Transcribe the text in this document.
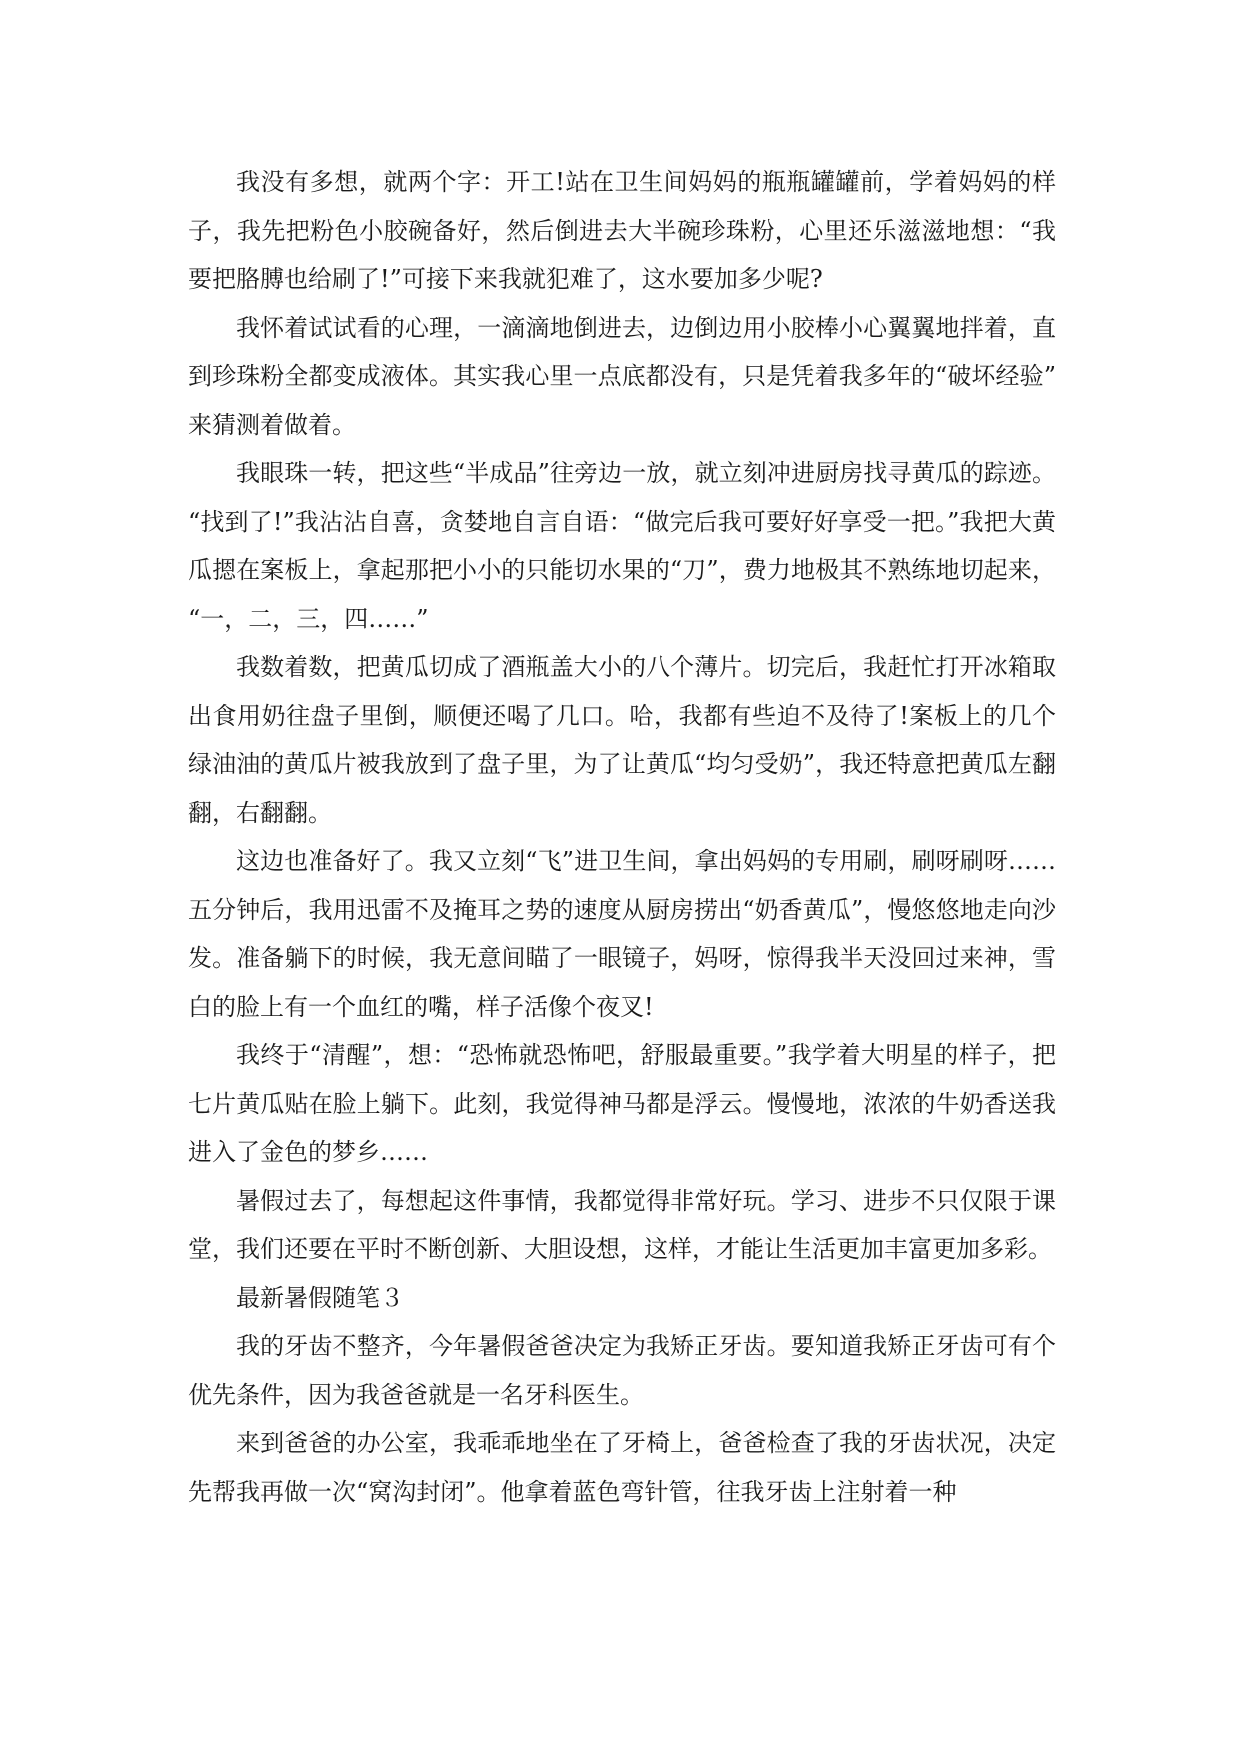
我没有多想，就两个字：开工!站在卫生间妈妈的瓶瓶罐罐前，学着妈妈的样子，我先把粉色小胶碗备好，然后倒进去大半碗珍珠粉，心里还乐滋滋地想：“我要把胳膊也给刷了!”可接下来我就犯难了，这水要加多少呢?

我怀着试试看的心理，一滴滴地倒进去，边倒边用小胶棒小心翼翼地拌着，直到珍珠粉全都变成液体。其实我心里一点底都没有，只是凭着我多年的“破坏经验”来猜测着做着。

我眼珠一转，把这些“半成品”往旁边一放，就立刻冲进厨房找寻黄瓜的踪迹。“找到了!”我沾沾自喜，贪婪地自言自语：“做完后我可要好好享受一把。”我把大黄瓜摁在案板上，拿起那把小小的只能切水果的“刀”，费力地极其不熟练地切起来，“一，二，三，四……”

我数着数，把黄瓜切成了酒瓶盖大小的八个薄片。切完后，我赶忙打开冰箱取出食用奶往盘子里倒，顺便还喝了几口。哈，我都有些迫不及待了!案板上的几个绿油油的黄瓜片被我放到了盘子里，为了让黄瓜“均匀受奶”，我还特意把黄瓜左翻翻，右翻翻。

这边也准备好了。我又立刻“飞”进卫生间，拿出妈妈的专用刷，刷呀刷呀……五分钟后，我用迅雷不及掩耳之势的速度从厨房捞出“奶香黄瓜”，慢悠悠地走向沙发。准备躺下的时候，我无意间瞄了一眼镜子，妈呀，惊得我半天没回过来神，雪白的脸上有一个血红的嘴，样子活像个夜叉!

我终于“清醒”，想：“恐怖就恐怖吧，舒服最重要。”我学着大明星的样子，把七片黄瓜贴在脸上躺下。此刻，我觉得神马都是浮云。慢慢地，浓浓的牛奶香送我进入了金色的梦乡……

暑假过去了，每想起这件事情，我都觉得非常好玩。学习、进步不只仅限于课堂，我们还要在平时不断创新、大胆设想，这样，才能让生活更加丰富更加多彩。

最新暑假随笔３

我的牙齿不整齐，今年暑假爸爸决定为我矫正牙齿。要知道我矫正牙齿可有个优先条件，因为我爸爸就是一名牙科医生。

来到爸爸的办公室，我乖乖地坐在了牙椅上，爸爸检查了我的牙齿状况，决定先帮我再做一次“窝沟封闭”。他拿着蓝色弯针管，往我牙齿上注射着一种
